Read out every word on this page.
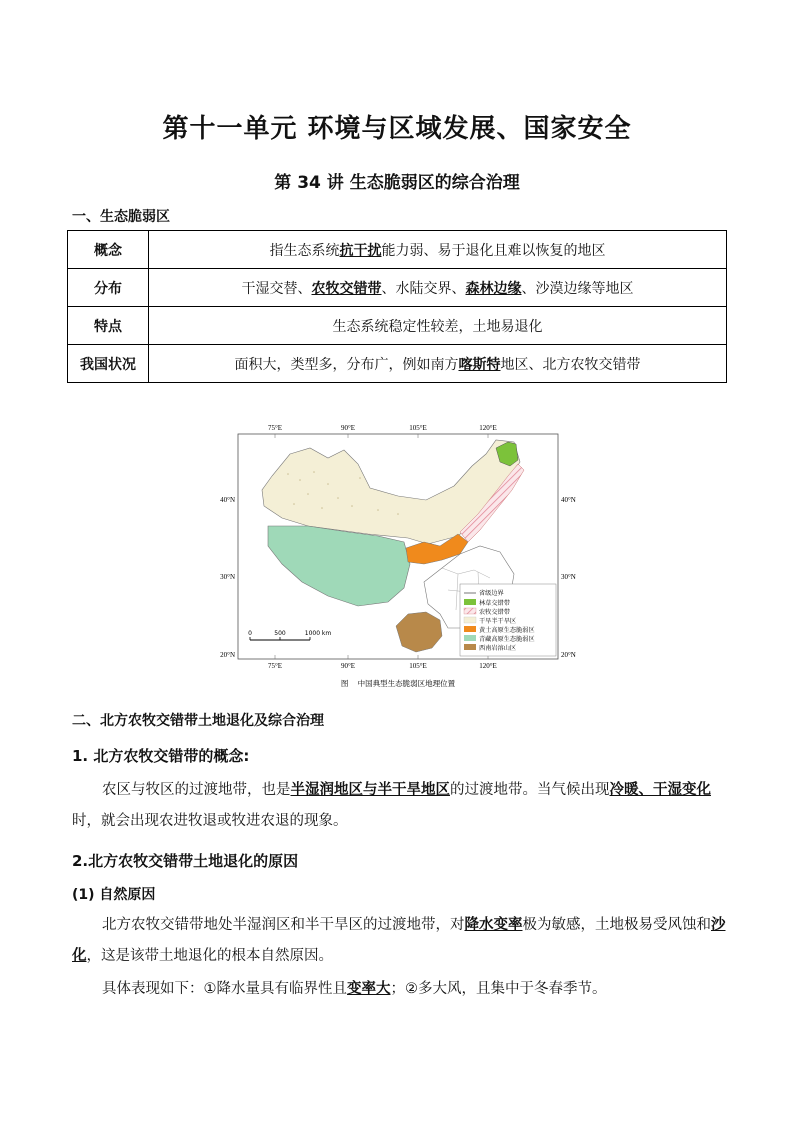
第十一单元 环境与区域发展、国家安全
第 34 讲 生态脆弱区的综合治理
一、生态脆弱区
概念	指生态系统抗干扰能力弱、易于退化且难以恢复的地区
分布	干湿交替、农牧交错带、水陆交界、森林边缘、沙漠边缘等地区
特点	生态系统稳定性较差，土地易退化
我国状况	面积大，类型多，分布广，例如南方喀斯特地区、北方农牧交错带
75°E	90°E	105°E	120°E
75°E	90°E	105°E	120°E
40°N
30°N
20°N
40°N
30°N
20°N
0	500	1000 km
省级边界
林草交错带
农牧交错带
干旱半干旱区
黄土高原生态脆弱区
青藏高原生态脆弱区
西南岩溶山区
图　 中国典型生态脆弱区地理位置
二、北方农牧交错带土地退化及综合治理
1. 北方农牧交错带的概念:
农区与牧区的过渡地带，也是半湿润地区与半干旱地区的过渡地带。当气候出现冷暖、干湿变化时，就会出现农进牧退或牧进农退的现象。
2.北方农牧交错带土地退化的原因
(1) 自然原因
北方农牧交错带地处半湿润区和半干旱区的过渡地带，对降水变率极为敏感，土地极易受风蚀和沙化，这是该带土地退化的根本自然原因。
具体表现如下：①降水量具有临界性且变率大；②多大风，且集中于冬春季节。
